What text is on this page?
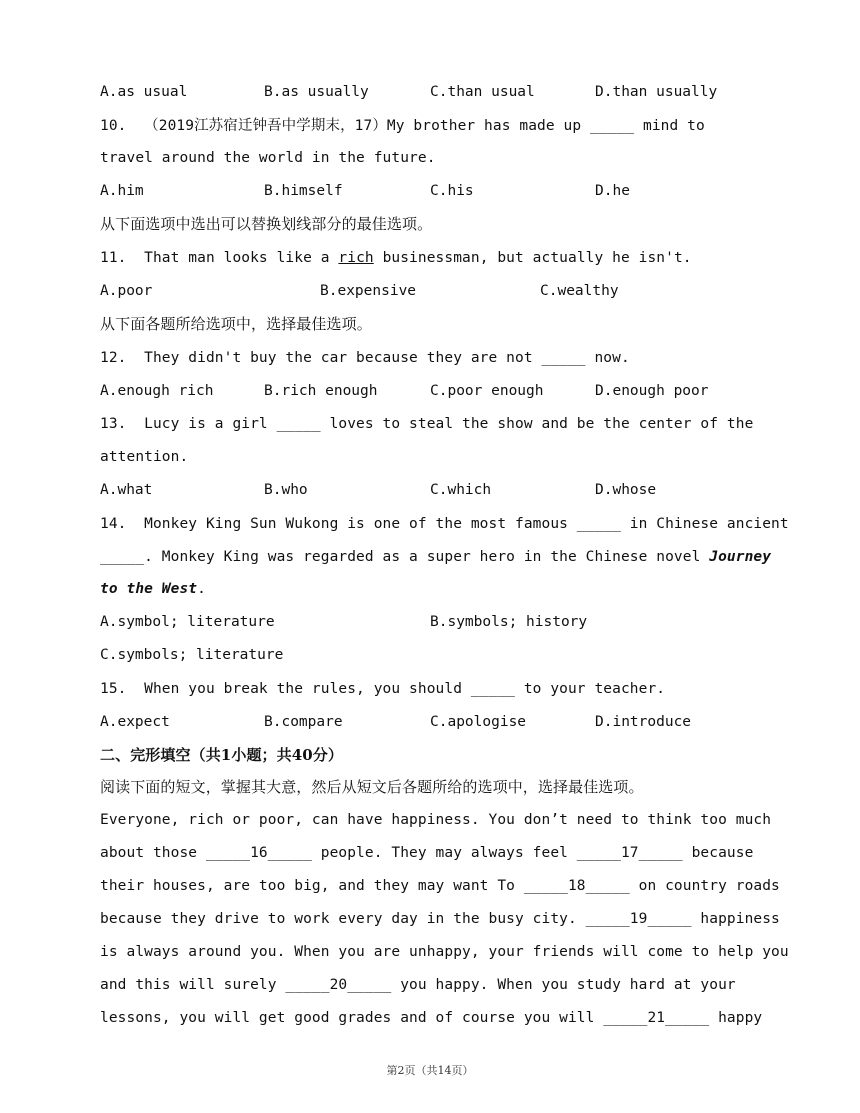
A.as usual	B.as usually	C.than usual	D.than usually
10.  （2019江苏宿迁钟吾中学期末，17）My brother has made up _____ mind to
travel around the world in the future.
A.him	B.himself	C.his	D.he
从下面选项中选出可以替换划线部分的最佳选项。
11.  That man looks like a rich businessman, but actually he isn't.
A.poor	B.expensive	C.wealthy
从下面各题所给选项中，选择最佳选项。
12.  They didn't buy the car because they are not _____ now.
A.enough rich	B.rich enough	C.poor enough	D.enough poor
13.  Lucy is a girl _____ loves to steal the show and be the center of the
attention.
A.what	B.who	C.which	D.whose
14.  Monkey King Sun Wukong is one of the most famous _____ in Chinese ancient
_____. Monkey King was regarded as a super hero in the Chinese novel Journey
to the West.
A.symbol; literature	B.symbols; history
C.symbols; literature
15.  When you break the rules, you should _____ to your teacher.
A.expect	B.compare	C.apologise	D.introduce
二、完形填空（共1小题；共40分）
阅读下面的短文，掌握其大意，然后从短文后各题所给的选项中，选择最佳选项。
Everyone, rich or poor, can have happiness. You don’t need to think too much
about those _____16_____ people. They may always feel _____17_____ because
their houses, are too big, and they may want To _____18_____ on country roads
because they drive to work every day in the busy city. _____19_____ happiness
is always around you. When you are unhappy, your friends will come to help you
and this will surely _____20_____ you happy. When you study hard at your
lessons, you will get good grades and of course you will _____21_____ happy
第2页（共14页）
